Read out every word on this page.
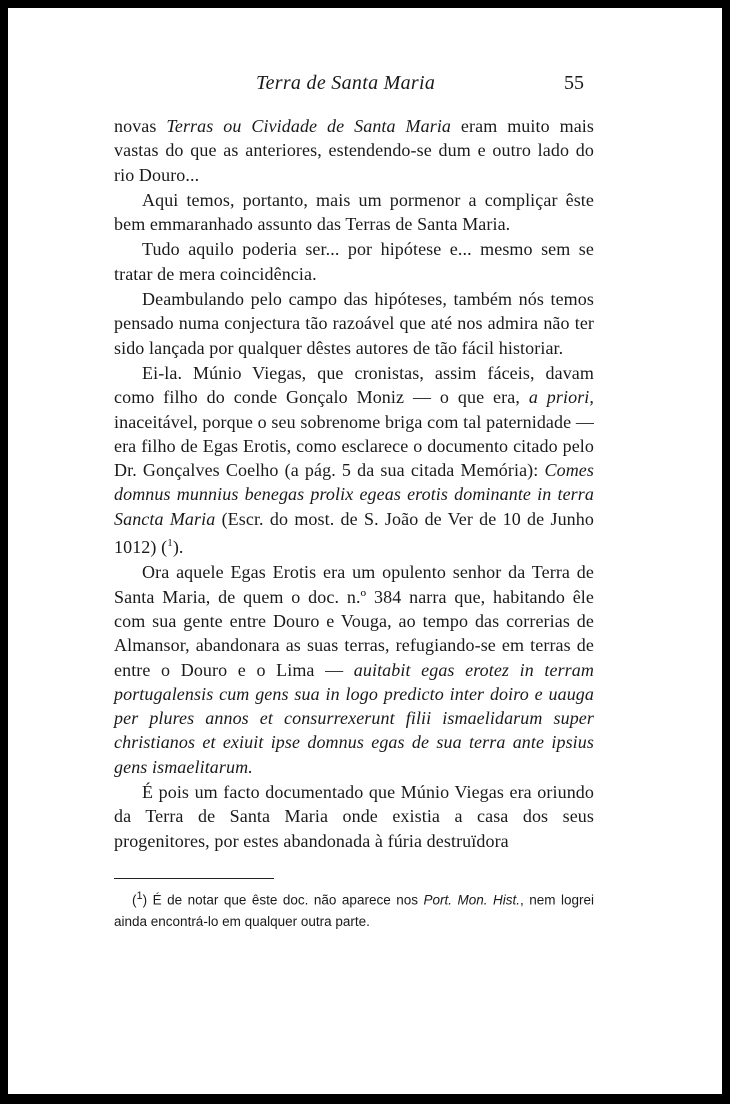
Terra de Santa Maria	55

novas Terras ou Cividade de Santa Maria eram muito mais vastas do que as anteriores, estendendo-se dum e outro lado do rio Douro...

Aqui temos, portanto, mais um pormenor a compliçar êste bem emmaranhado assunto das Terras de Santa Maria.

Tudo aquilo poderia ser... por hipótese e... mesmo sem se tratar de mera coincidência.

Deambulando pelo campo das hipóteses, também nós temos pensado numa conjectura tão razoável que até nos admira não ter sido lançada por qualquer dêstes autores de tão fácil historiar.

Ei-la. Múnio Viegas, que cronistas, assim fáceis, davam como filho do conde Gonçalo Moniz — o que era, a priori, inaceitável, porque o seu sobrenome briga com tal paternidade — era filho de Egas Erotis, como esclarece o documento citado pelo Dr. Gonçalves Coelho (a pág. 5 da sua citada Memória): Comes domnus munnius benegas prolix egeas erotis dominante in terra Sancta Maria (Escr. do most. de S. João de Ver de 10 de Junho 1012) ($^1$).

Ora aquele Egas Erotis era um opulento senhor da Terra de Santa Maria, de quem o doc. n.º 384 narra que, habitando êle com sua gente entre Douro e Vouga, ao tempo das correrias de Almansor, abandonara as suas terras, refugiando-se em terras de entre o Douro e o Lima — auitabit egas erotez in terram portugalensis cum gens sua in logo predicto inter doiro e uauga per plures annos et consurrexerunt filii ismaelidarum super christianos et exiuit ipse domnus egas de sua terra ante ipsius gens ismaelitarum.

É pois um facto documentado que Múnio Viegas era oriundo da Terra de Santa Maria onde existia a casa dos seus progenitores, por estes abandonada à fúria destruïdora

($^1$) É de notar que êste doc. não aparece nos Port. Mon. Hist., nem logrei ainda encontrá-lo em qualquer outra parte.
